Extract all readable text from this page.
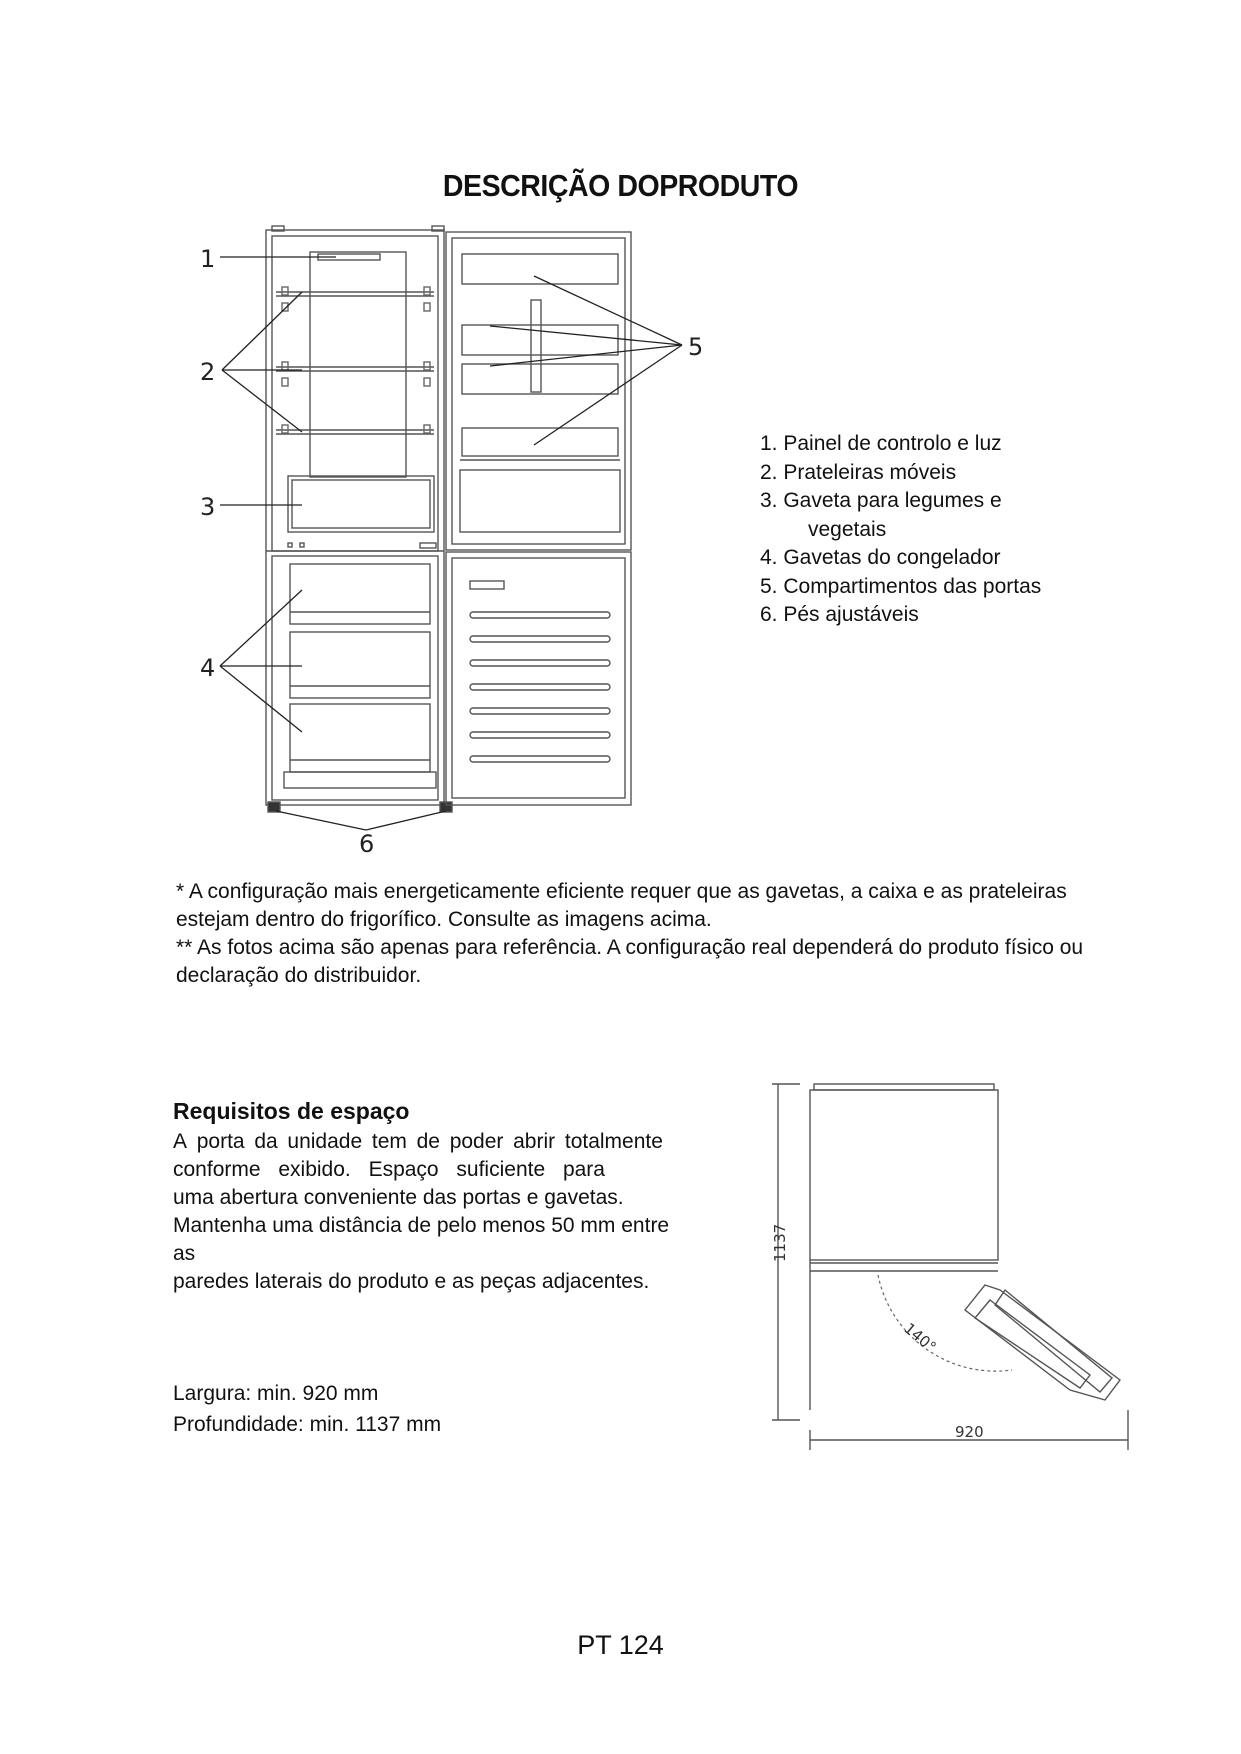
DESCRIÇÃO DOPRODUTO
1
2
3
4
5
6
1137
920
140°
1. Painel de controlo e luz
2. Prateleiras móveis
3. Gaveta para legumes e
vegetais
4. Gavetas do congelador
5. Compartimentos das portas
6. Pés ajustáveis
* A configuração mais energeticamente eficiente requer que as gavetas, a caixa e as prateleiras
estejam dentro do frigorífico. Consulte as imagens acima.
** As fotos acima são apenas para referência. A configuração real dependerá do produto físico ou
declaração do distribuidor.
Requisitos de espaço
A porta da unidade tem de poder abrir totalmente
conforme exibido. Espaço suficiente para
uma abertura conveniente das portas e gavetas.
Mantenha uma distância de pelo menos 50 mm entre as
paredes laterais do produto e as peças adjacentes.
Largura: min. 920 mm
Profundidade: min. 1137 mm
PT 124
